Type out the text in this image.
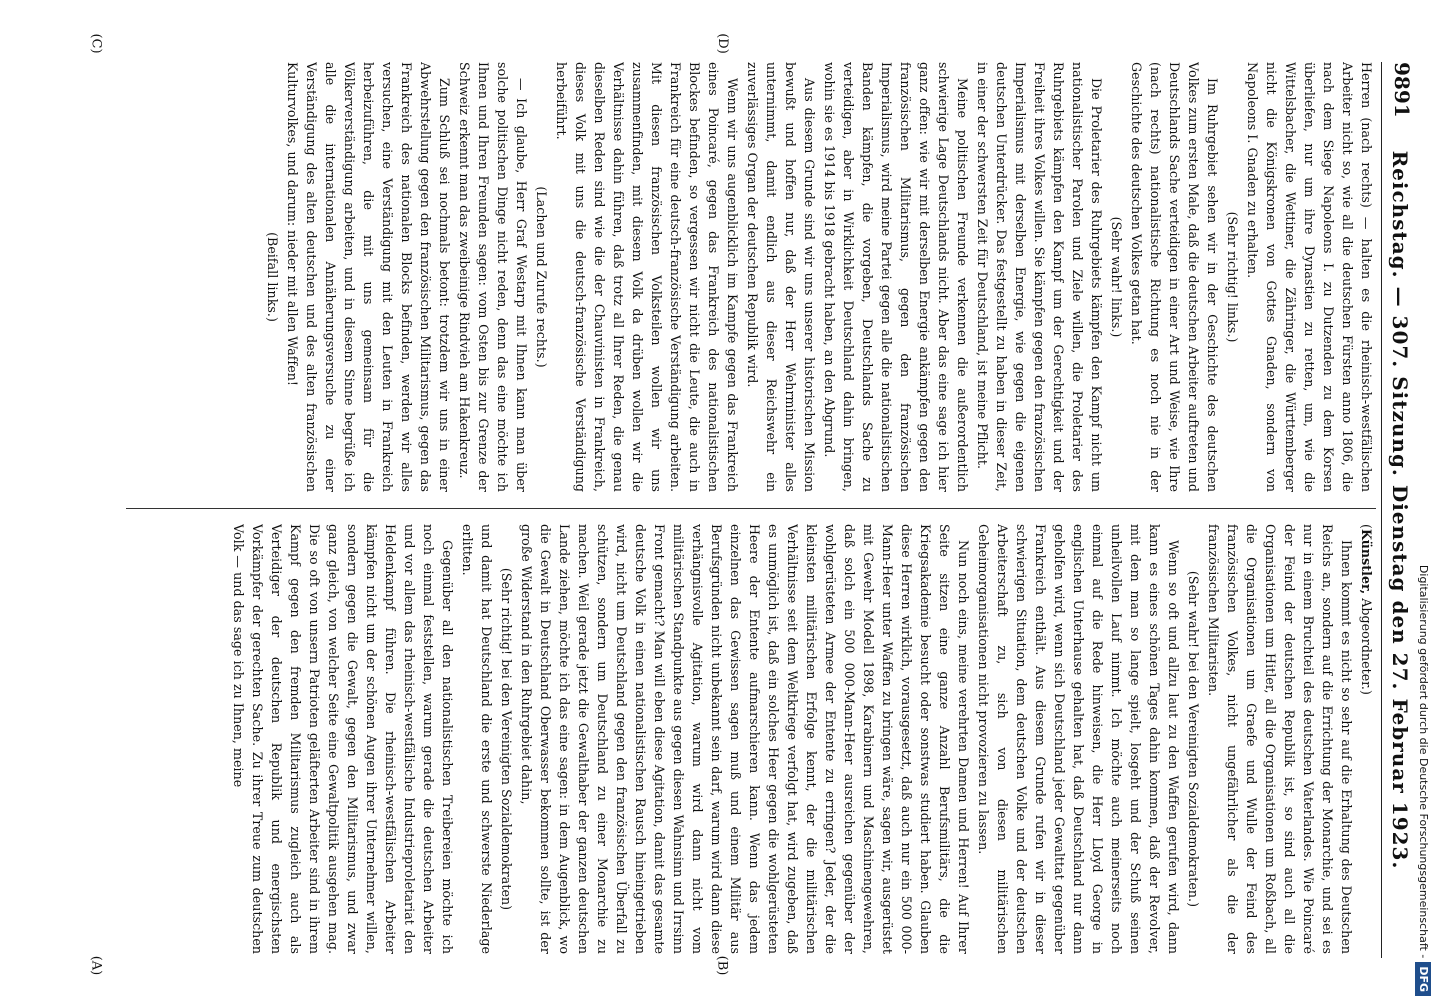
Reichstag. — 307. Sitzung. Dienstag den 27. Februar 1923.
9891

Herren (nach rechts) — halten es die rheinisch-westfälischen Arbeiter nicht so, wie all die deutschen Fürsten anno 1806, die nach dem Siege Napoleons I. zu Dutzenden zu dem Korsen überliefen, nur um ihre Dynastien zu retten, um, wie die Wittelsbacher, die Wettiner, die Zähringer, die Württemberger nicht die Königskronen von Gottes Gnaden, sondern von Napoleons I. Gnaden zu erhalten.

(Sehr richtig! links.)

Im Ruhrgebiet sehen wir in der Geschichte des deutschen Volkes zum ersten Male, daß die deutschen Arbeiter auftreten und Deutschlands Sache verteidigen in einer Art und Weise, wie Ihre (nach rechts) nationalistische Richtung es noch nie in der Geschichte des deutschen Volkes getan hat.

(Sehr wahr! links.)

Die Proletarier des Ruhrgebiets kämpfen den Kampf nicht um nationalistischer Parolen und Ziele willen, die Proletarier des Ruhrgebiets kämpfen den Kampf um der Gerechtigkeit und der Freiheit ihres Volkes willen. Sie kämpfen gegen den französischen Imperialismus mit derselben Energie, wie gegen die eigenen deutschen Unterdrücker. Das festgestellt zu haben in dieser Zeit, in einer der schwersten Zeit für Deutschland, ist meine Pflicht.

Meine politischen Freunde verkennen die außerordentlich schwierige Lage Deutschlands nicht. Aber das eine sage ich hier ganz offen: wie wir mit derselben Energie ankämpfen gegen den französischen Militarismus, gegen den französischen Imperialismus, wird meine Partei gegen alle die nationalistischen Banden kämpfen, die vorgeben, Deutschlands Sache zu verteidigen, aber in Wirklichkeit Deutschland dahin bringen, wohin sie es 1914 bis 1918 gebracht haben, an den Abgrund.

Aus diesem Grunde sind wir uns unserer historischen Mission bewußt und hoffen nur, daß der Herr Wehrminister alles unternimmt, damit endlich aus dieser Reichswehr ein zuverlässiges Organ der deutschen Republik wird.

Wenn wir uns augenblicklich im Kampfe gegen das Frankreich eines Poincaré, gegen das Frankreich des nationalistischen Blockes befinden, so vergessen wir nicht die Leute, die auch in Frankreich für eine deutsch-französische Verständigung arbeiten. Mit diesen französischen Volksteilen wollen wir uns zusammenfinden, mit diesem Volk da drüben wollen wir die Verhältnisse dahin führen, daß trotz all Ihrer Reden, die genau dieselben Reden sind wie die der Chauvinisten in Frankreich, dieses Volk mit uns die deutsch-französische Verständigung herbeiführt.

(Lachen und Zurufe rechts.)

— Ich glaube, Herr Graf Westarp mit Ihnen kann man über solche politischen Dinge nicht reden, denn das eine möchte ich Ihnen und Ihren Freunden sagen: vom Osten bis zur Grenze der Schweiz erkennt man das zweibeinige Rindvieh am Hakenkreuz.

Zum Schluß sei nochmals betont: trotzdem wir uns in einer Abwehrstellung gegen den französischen Militarismus, gegen das Frankreich des nationalen Blocks befinden, werden wir alles versuchen, eine Verständigung mit den Leuten in Frankreich herbeizuführen, die mit uns gemeinsam für die Völkerverständigung arbeiten, und in diesem Sinne begrüße ich alle die internationalen Annäherungsversuche zu einer Verständigung des alten deutschen und des alten französischen Kulturvolkes, und darum: nieder mit allen Waffen!

(Beifall links.)

(Künstler, Abgeordneter.)

Ihnen kommt es nicht so sehr auf die Erhaltung des Deutschen Reichs an, sondern auf die Errichtung der Monarchie, und sei es nur in einem Bruchteil des deutschen Vaterlandes. Wie Poincaré der Feind der deutschen Republik ist, so sind auch all die Organisationen um Hitler, all die Organisationen um Roßbach, all die Organisationen um Graefe und Wulle der Feind des französischen Volkes, nicht ungefährlicher als die der französischen Militaristen.

(Sehr wahr! bei den Vereinigten Sozialdemokraten.)

Wenn so oft und allzu laut zu den Waffen gerufen wird, dann kann es eines schönen Tages dahin kommen, daß der Revolver, mit dem man so lange spielt, losgeht und der Schuß seinen unheilvollen Lauf nimmt. Ich möchte auch meinerseits noch einmal auf die Rede hinweisen, die Herr Lloyd George in englischen Unterhause gehalten hat, daß Deutschland nur dann geholfen wird, wenn sich Deutschland jeder Gewalttat gegenüber Frankreich enthält. Aus diesem Grunde rufen wir in dieser schwierigen Situation, dem deutschen Volke und der deutschen Arbeiterschaft zu, sich von diesen militärischen Geheimorganisationen nicht provozieren zu lassen.

Nun noch eins, meine verehrten Damen und Herren! Auf Ihrer Seite sitzen eine ganze Anzahl Berufsmilitärs, die die Kriegsakademie besucht oder sonstwas studiert haben. Glauben diese Herren wirklich, vorausgesetzt, daß auch nur ein 500 000-Mann-Heer unter Waffen zu bringen wäre, sagen wir, ausgerüstet mit Gewehr Modell 1898, Karabinern und Maschinengewehren, daß solch ein 500 000-Mann-Heer ausreichen gegenüber der wohlgerüsteten Armee der Entente zu erringen? Jeder, der die kleinsten militärischen Erfolge kennt, der die militärischen Verhältnisse seit dem Weltkriege verfolgt hat, wird zugeben, daß es unmöglich ist, daß ein solches Heer gegen die wohlgerüsteten Heere der Entente aufmarschieren kann. Wenn das jedem einzelnen das Gewissen sagen muß und einem Militär aus Berufsgründen nicht unbekannt sein darf, warum wird dann diese verhängnisvolle Agitation, warum wird dann nicht vom militärischen Standpunkte aus gegen diesen Wahnsinn und Irrsinn Front gemacht? Man will eben diese Agitation, damit das gesamte deutsche Volk in einen nationalistischen Rausch hineingetrieben wird, nicht um Deutschland gegen den französischen Überfall zu schützen, sondern um Deutschland zu einer Monarchie zu machen. Weil gerade jetzt die Gewalthaber der ganzen deutschen Lande ziehen, möchte ich das eine sagen: in dem Augenblick, wo die Gewalt in Deutschland Oberwasser bekommen sollte, ist der große Widerstand in den Ruhrgebiet dahin,

(Sehr richtig! bei den Vereinigten Sozialdemokraten)

und damit hat Deutschland die erste und schwerste Niederlage erlitten.

Gegenüber all den nationalistischen Treibereien möchte ich noch einmal feststellen, warum gerade die deutschen Arbeiter und vor allem das rheinisch-westfälische Industrieproletariat den Heldenkampf führen. Die rheinisch-westfälischen Arbeiter kämpfen nicht um der schönen Augen ihrer Unternehmer willen, sondern gegen die Gewalt, gegen den Militarismus, und zwar ganz gleich, von welcher Seite eine Gewaltpolitik ausgehen mag. Die so oft von unsern Patrioten geläfterten Arbeiter sind in ihrem Kampf gegen den fremden Militarismus zugleich auch als Verteidiger der deutschen Republik und energischsten Vorkämpfer der gerechten Sache. Zu ihrer Treue zum deutschen Volk — und das sage ich zu Ihnen, meine

(A)	(B)
(C)	(D)
Digitalisierung gefördert durch die Deutsche Forschungsgemeinschaft -DFG
